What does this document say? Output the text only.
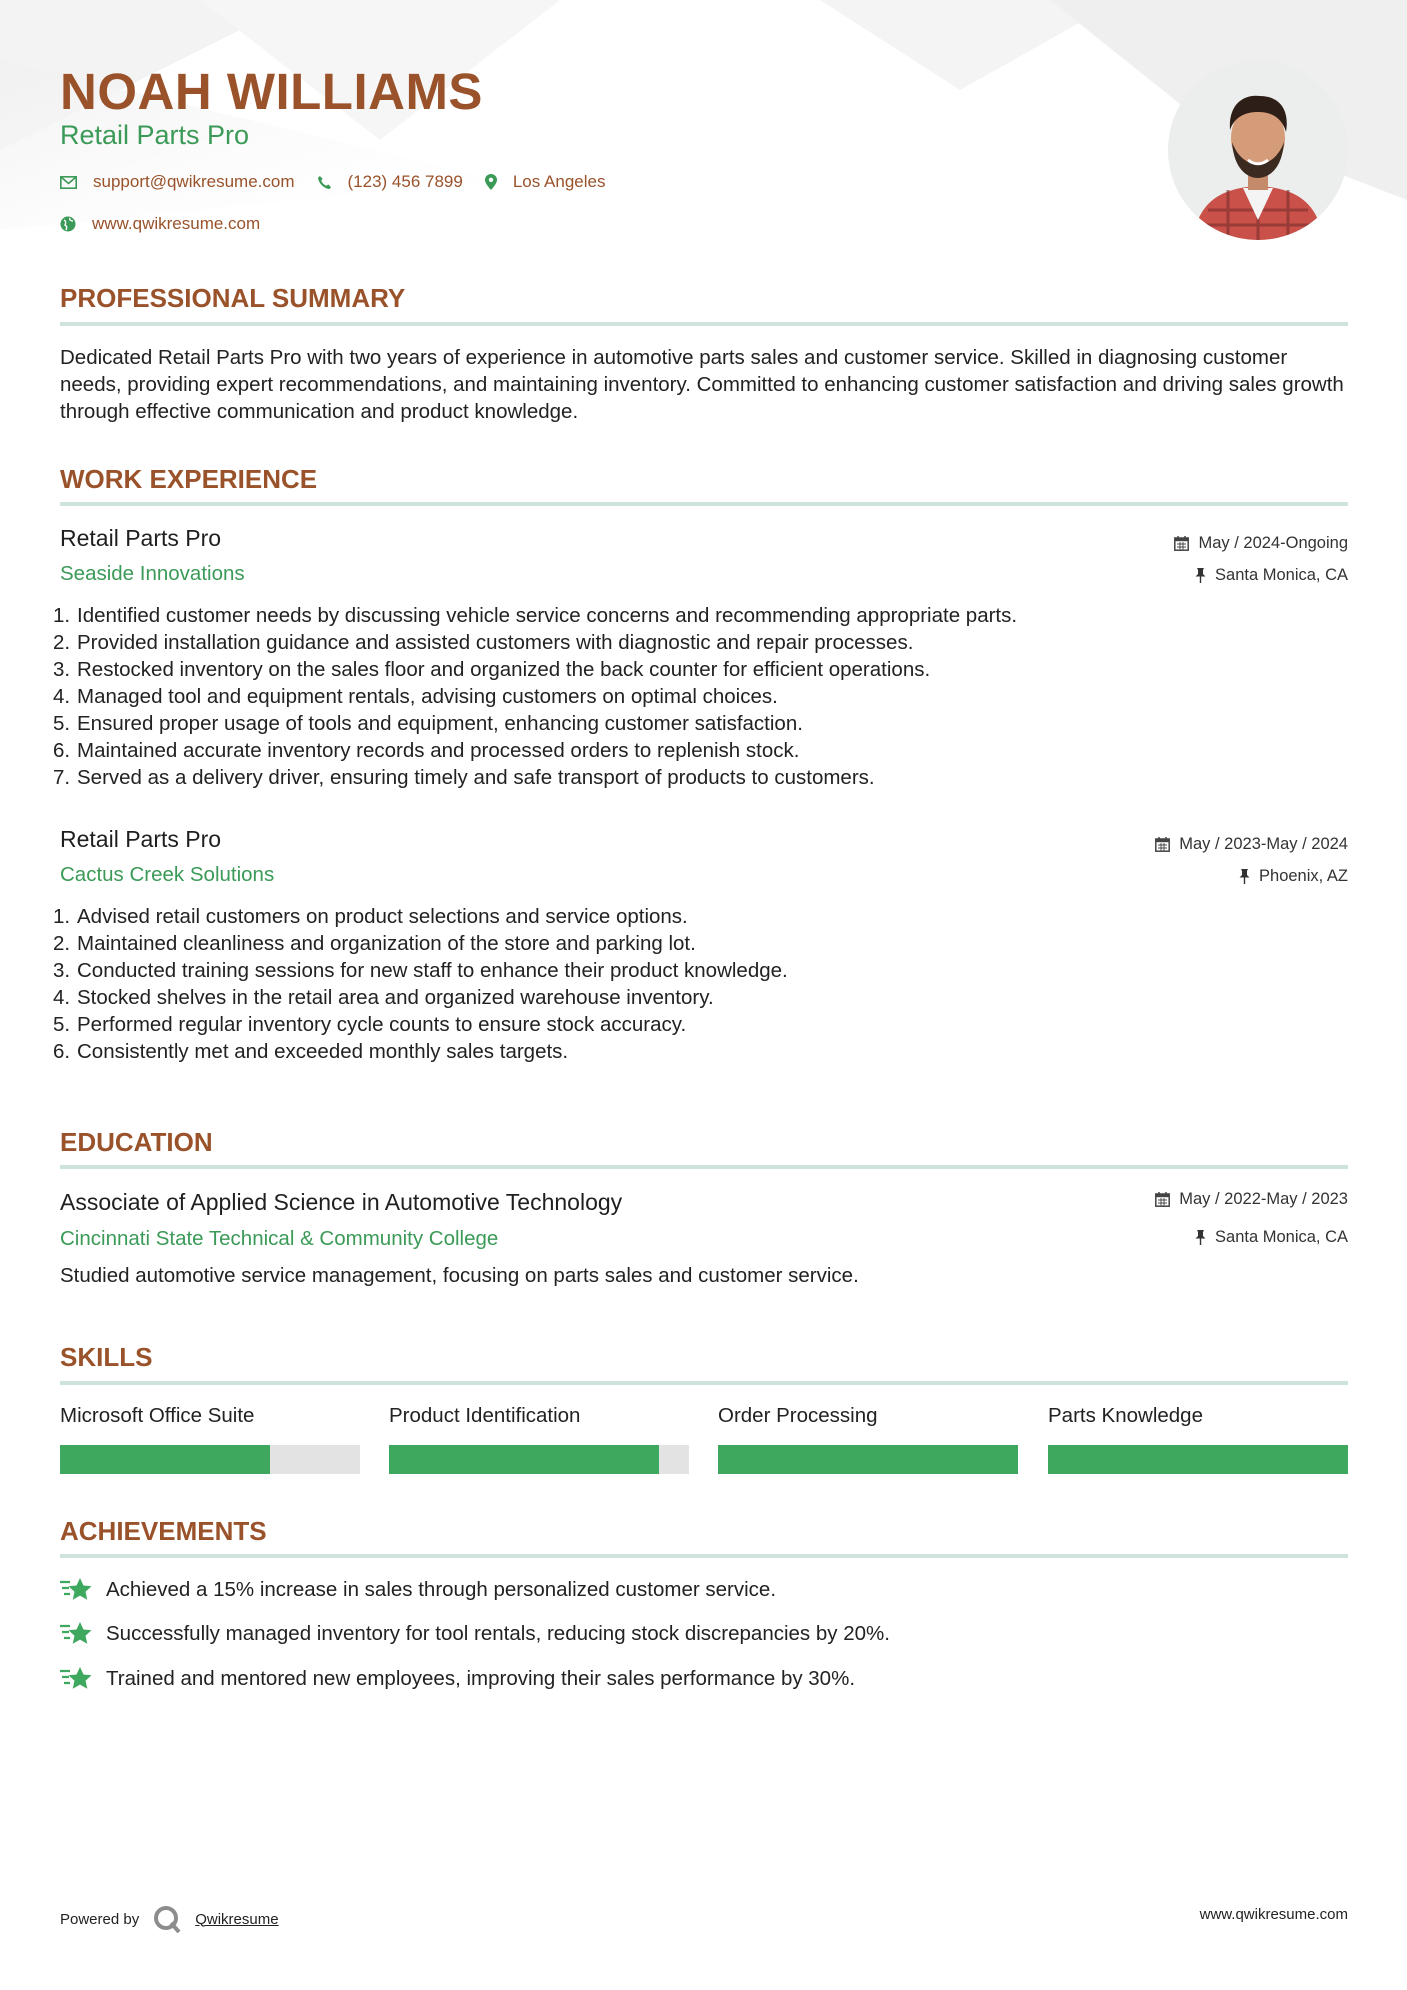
NOAH WILLIAMS
Retail Parts Pro
support@qwikresume.com	(123) 456 7899	Los Angeles
www.qwikresume.com
PROFESSIONAL SUMMARY
Dedicated Retail Parts Pro with two years of experience in automotive parts sales and customer service. Skilled in diagnosing customer needs, providing expert recommendations, and maintaining inventory. Committed to enhancing customer satisfaction and driving sales growth through effective communication and product knowledge.
WORK EXPERIENCE
Retail Parts Pro
Seaside Innovations
May / 2024-Ongoing
Santa Monica, CA
1. Identified customer needs by discussing vehicle service concerns and recommending appropriate parts.
2. Provided installation guidance and assisted customers with diagnostic and repair processes.
3. Restocked inventory on the sales floor and organized the back counter for efficient operations.
4. Managed tool and equipment rentals, advising customers on optimal choices.
5. Ensured proper usage of tools and equipment, enhancing customer satisfaction.
6. Maintained accurate inventory records and processed orders to replenish stock.
7. Served as a delivery driver, ensuring timely and safe transport of products to customers.
Retail Parts Pro
Cactus Creek Solutions
May / 2023-May / 2024
Phoenix, AZ
1. Advised retail customers on product selections and service options.
2. Maintained cleanliness and organization of the store and parking lot.
3. Conducted training sessions for new staff to enhance their product knowledge.
4. Stocked shelves in the retail area and organized warehouse inventory.
5. Performed regular inventory cycle counts to ensure stock accuracy.
6. Consistently met and exceeded monthly sales targets.
EDUCATION
Associate of Applied Science in Automotive Technology
Cincinnati State Technical & Community College
May / 2022-May / 2023
Santa Monica, CA
Studied automotive service management, focusing on parts sales and customer service.
SKILLS
Microsoft Office Suite	Product Identification	Order Processing	Parts Knowledge
ACHIEVEMENTS
Achieved a 15% increase in sales through personalized customer service.
Successfully managed inventory for tool rentals, reducing stock discrepancies by 20%.
Trained and mentored new employees, improving their sales performance by 30%.
Powered by	Qwikresume	www.qwikresume.com
